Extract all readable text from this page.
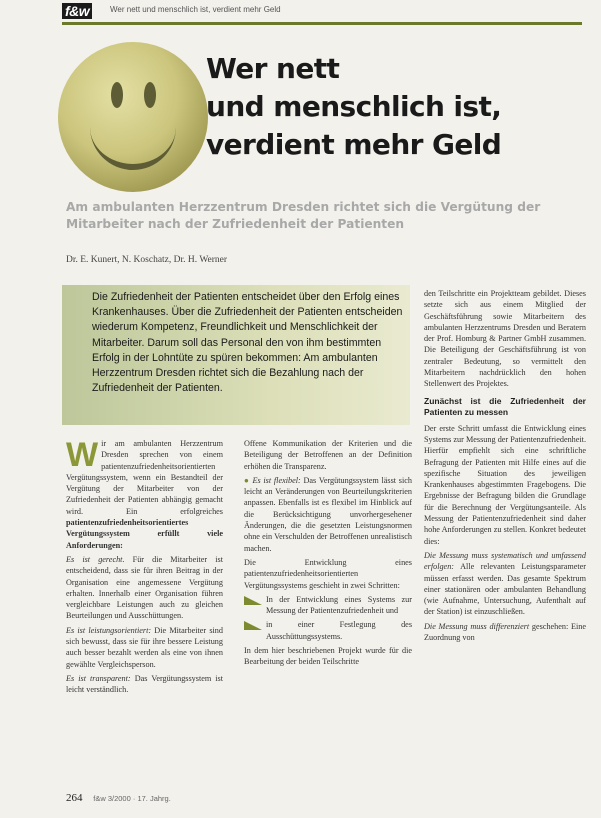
f&w	Wer nett und menschlich ist, verdient mehr Geld
Wer nett
und menschlich ist,
verdient mehr Geld
Am ambulanten Herzzentrum Dresden richtet sich die Vergütung der Mitarbeiter nach der Zufriedenheit der Patienten
Dr. E. Kunert, N. Koschatz, Dr. H. Werner
Die Zufriedenheit der Patienten entscheidet über den Erfolg eines Krankenhauses. Über die Zufriedenheit der Patienten entscheiden wiederum Kompetenz, Freundlichkeit und Menschlichkeit der Mitarbeiter. Darum soll das Personal den von ihm bestimmten Erfolg in der Lohntüte zu spüren bekommen: Am ambulanten Herzzentrum Dresden richtet sich die Bezahlung nach der Zufriedenheit der Patienten.

Wir am ambulanten Herzzentrum Dresden sprechen von einem patientenzufriedenheitsorientierten Vergütungssystem, wenn ein Bestandteil der Vergütung der Mitarbeiter von der Zufriedenheit der Patienten abhängig gemacht wird. Ein erfolgreiches patientenzufriedenheitsorientiertes Vergütungssystem erfüllt viele Anforderungen:

Es ist gerecht. Für die Mitarbeiter ist entscheidend, dass sie für ihren Beitrag in der Organisation eine angemessene Vergütung erhalten. Innerhalb einer Organisation führen vergleichbare Leistungen auch zu gleichen Beurteilungen und Ausschüttungen.

Es ist leistungsorientiert: Die Mitarbeiter sind sich bewusst, dass sie für ihre bessere Leistung auch besser bezahlt werden als eine von ihnen gewählte Vergleichsperson.

Es ist transparent: Das Vergütungssystem ist leicht verständlich.

Offene Kommunikation der Kriterien und die Beteiligung der Betroffenen an der Definition erhöhen die Transparenz.

● Es ist flexibel: Das Vergütungssystem lässt sich leicht an Veränderungen von Beurteilungskriterien anpassen. Ebenfalls ist es flexibel im Hinblick auf die Berücksichtigung unvorhergesehener Änderungen, die die gesetzten Leistungsnormen ohne ein Verschulden der Betroffenen unrealistisch machen.

Die Entwicklung eines patientenzufriedenheitsorientierten Vergütungssystems geschieht in zwei Schritten:

In der Entwicklung eines Systems zur Messung der Patientenzufriedenheit und

in einer Festlegung des Ausschüttungssystems.

In dem hier beschriebenen Projekt wurde für die Bearbeitung der beiden Teilschritte

den Teilschritte ein Projektteam gebildet. Dieses setzte sich aus einem Mitglied der Geschäftsführung sowie Mitarbeitern des ambulanten Herzzentrums Dresden und Beratern der Prof. Homburg & Partner GmbH zusammen. Die Beteiligung der Geschäftsführung ist von zentraler Bedeutung, so vermittelt den Mitarbeitern nachdrücklich den hohen Stellenwert des Projektes.

Zunächst ist die Zufriedenheit der Patienten zu messen

Der erste Schritt umfasst die Entwicklung eines Systems zur Messung der Patientenzufriedenheit. Hierfür empfiehlt sich eine schriftliche Befragung der Patienten mit Hilfe eines auf die spezifische Situation des jeweiligen Krankenhauses abgestimmten Fragebogens. Die Ergebnisse der Befragung bilden die Grundlage für die Berechnung der Vergütungsanteile. Als Messung der Patientenzufriedenheit sind daher hohe Anforderungen zu stellen. Konkret bedeutet dies:

Die Messung muss systematisch und umfassend erfolgen: Alle relevanten Leistungsparameter müssen erfasst werden. Das gesamte Spektrum einer stationären oder ambulanten Behandlung (wie Aufnahme, Untersuchung, Aufenthalt auf der Station) ist einzuschließen.

Die Messung muss differenziert geschehen: Eine Zuordnung von

264 f&w 3/2000 · 17. Jahrg.
